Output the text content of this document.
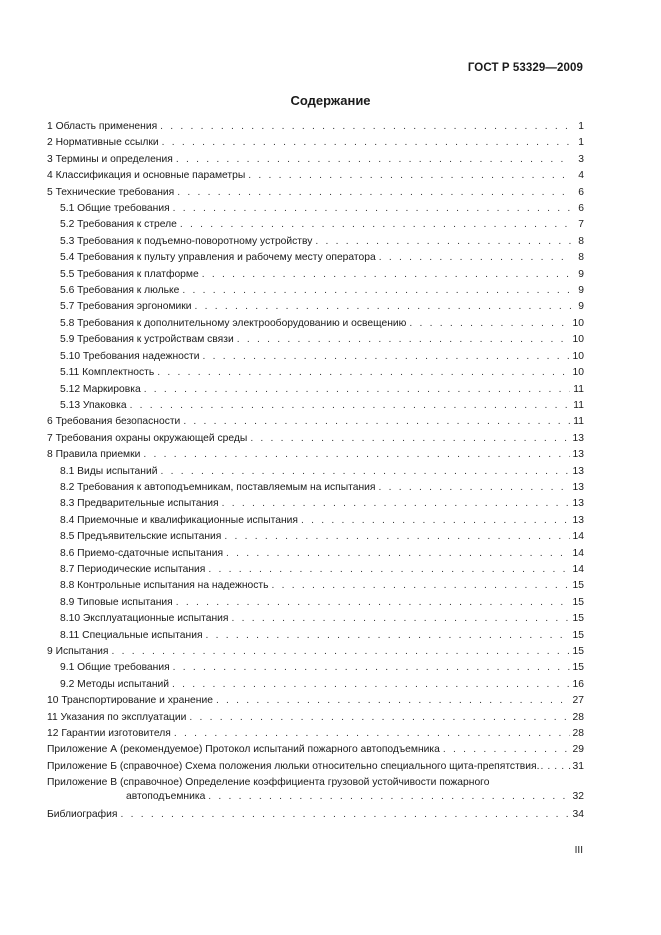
ГОСТ Р 53329—2009
Содержание
1 Область применения . . .	1
2 Нормативные ссылки . . .	1
3 Термины и определения . . .	3
4 Классификация и основные параметры . . .	4
5 Технические требования . . .	6
5.1 Общие требования . . .	6
5.2 Требования к стреле . . .	7
5.3 Требования к подъемно-поворотному устройству . . .	8
5.4 Требования к пульту управления и рабочему месту оператора . . .	8
5.5 Требования к платформе . . .	9
5.6 Требования к люльке . . .	9
5.7 Требования эргономики . . .	9
5.8 Требования к дополнительному электрооборудованию и освещению . . .	10
5.9 Требования к устройствам связи . . .	10
5.10 Требования надежности . . .	10
5.11 Комплектность . . .	10
5.12 Маркировка . . .	11
5.13 Упаковка . . .	11
6 Требования безопасности . . .	11
7 Требования охраны окружающей среды . . .	13
8 Правила приемки . . .	13
8.1 Виды испытаний . . .	13
8.2 Требования к автоподъемникам, поставляемым на испытания . . .	13
8.3 Предварительные испытания . . .	13
8.4 Приемочные и квалификационные испытания . . .	13
8.5 Предъявительские испытания . . .	14
8.6 Приемо-сдаточные испытания . . .	14
8.7 Периодические испытания . . .	14
8.8 Контрольные испытания на надежность . . .	15
8.9 Типовые испытания . . .	15
8.10 Эксплуатационные испытания . . .	15
8.11 Специальные испытания . . .	15
9 Испытания . . .	15
9.1 Общие требования . . .	15
9.2 Методы испытаний . . .	16
10 Транспортирование и хранение . . .	27
11 Указания по эксплуатации . . .	28
12 Гарантии изготовителя . . .	28
Приложение А (рекомендуемое) Протокол испытаний пожарного автоподъемника . . .	29
Приложение Б (справочное) Схема положения люльки относительно специального щита-препятствия. . . .	31
Приложение В (справочное) Определение коэффициента грузовой устойчивости пожарного
автоподъемника . . .	32
Библиография . . .	34
III
